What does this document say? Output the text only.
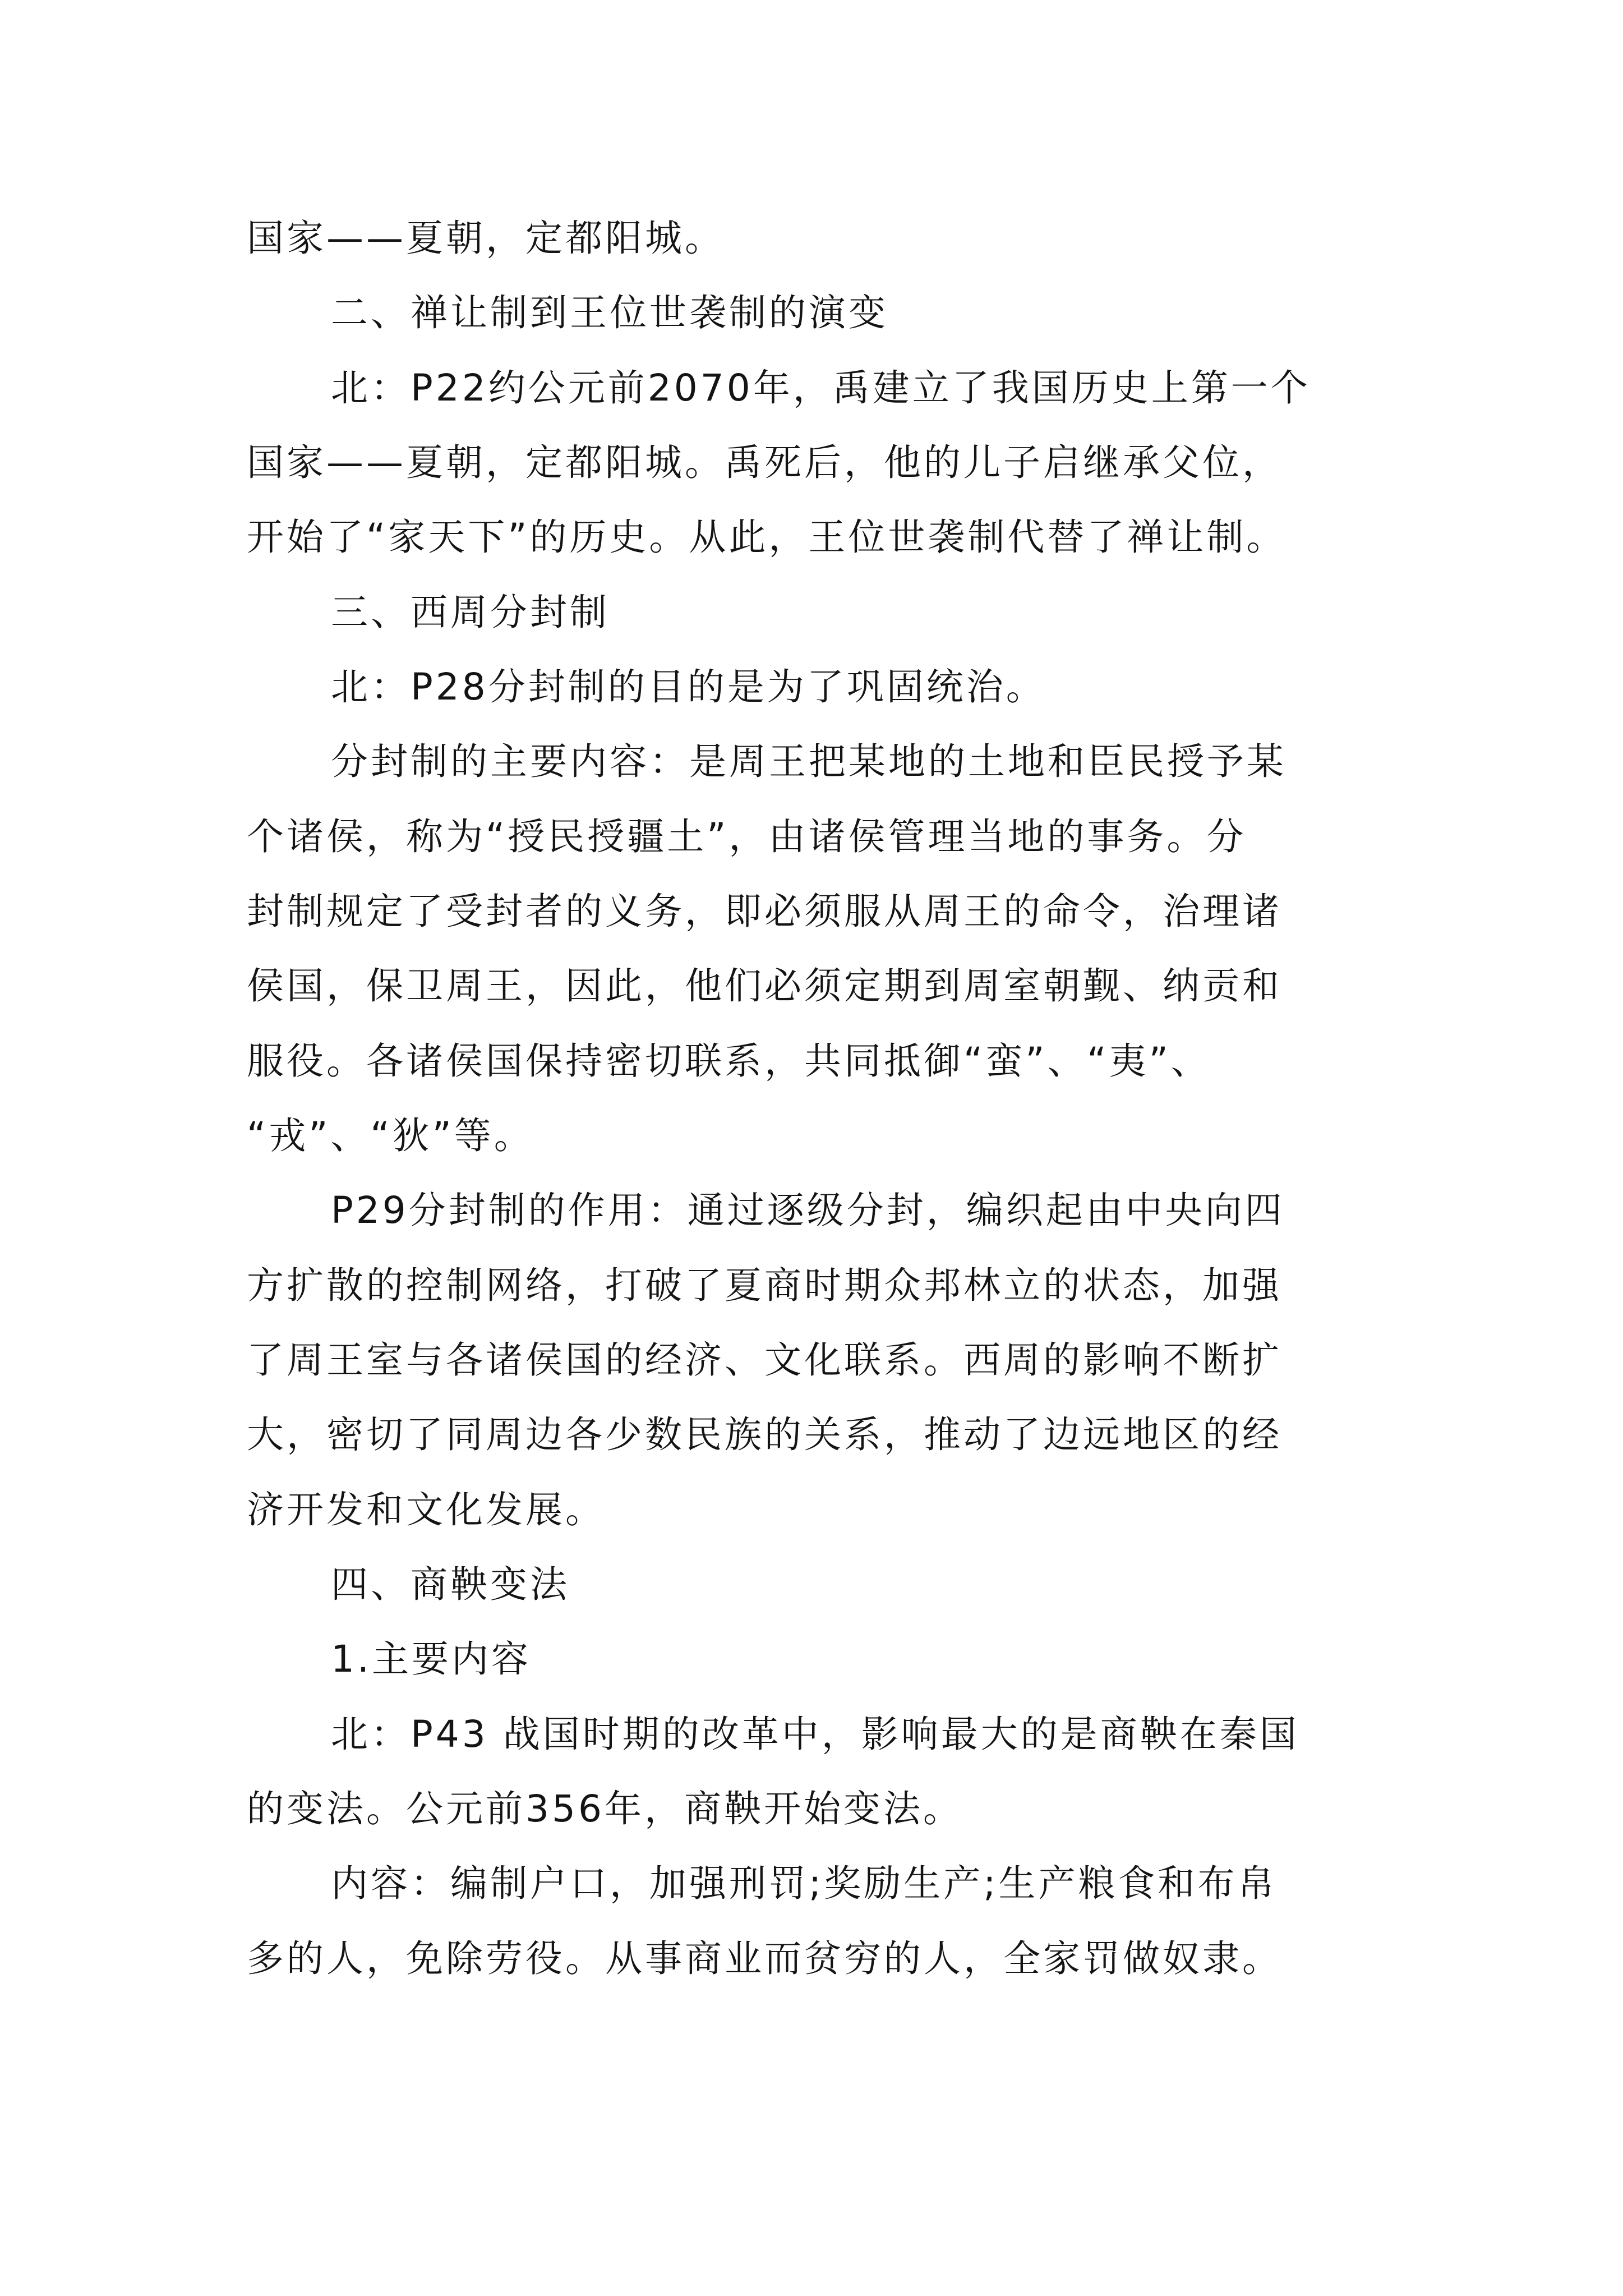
国家——夏朝，定都阳城。

二、禅让制到王位世袭制的演变

北：P22约公元前2070年，禹建立了我国历史上第一个

国家——夏朝，定都阳城。禹死后，他的儿子启继承父位，

开始了“家天下”的历史。从此，王位世袭制代替了禅让制。

三、西周分封制

北：P28分封制的目的是为了巩固统治。

分封制的主要内容：是周王把某地的土地和臣民授予某

个诸侯，称为“授民授疆土”，由诸侯管理当地的事务。分

封制规定了受封者的义务，即必须服从周王的命令，治理诸

侯国，保卫周王，因此，他们必须定期到周室朝觐、纳贡和

服役。各诸侯国保持密切联系，共同抵御“蛮”、“夷”、

“戎”、“狄”等。

P29分封制的作用：通过逐级分封，编织起由中央向四

方扩散的控制网络，打破了夏商时期众邦林立的状态，加强

了周王室与各诸侯国的经济、文化联系。西周的影响不断扩

大，密切了同周边各少数民族的关系，推动了边远地区的经

济开发和文化发展。

四、商鞅变法

1.主要内容

北：P43 战国时期的改革中，影响最大的是商鞅在秦国

的变法。公元前356年，商鞅开始变法。

内容：编制户口，加强刑罚;奖励生产;生产粮食和布帛

多的人，免除劳役。从事商业而贫穷的人，全家罚做奴隶。
